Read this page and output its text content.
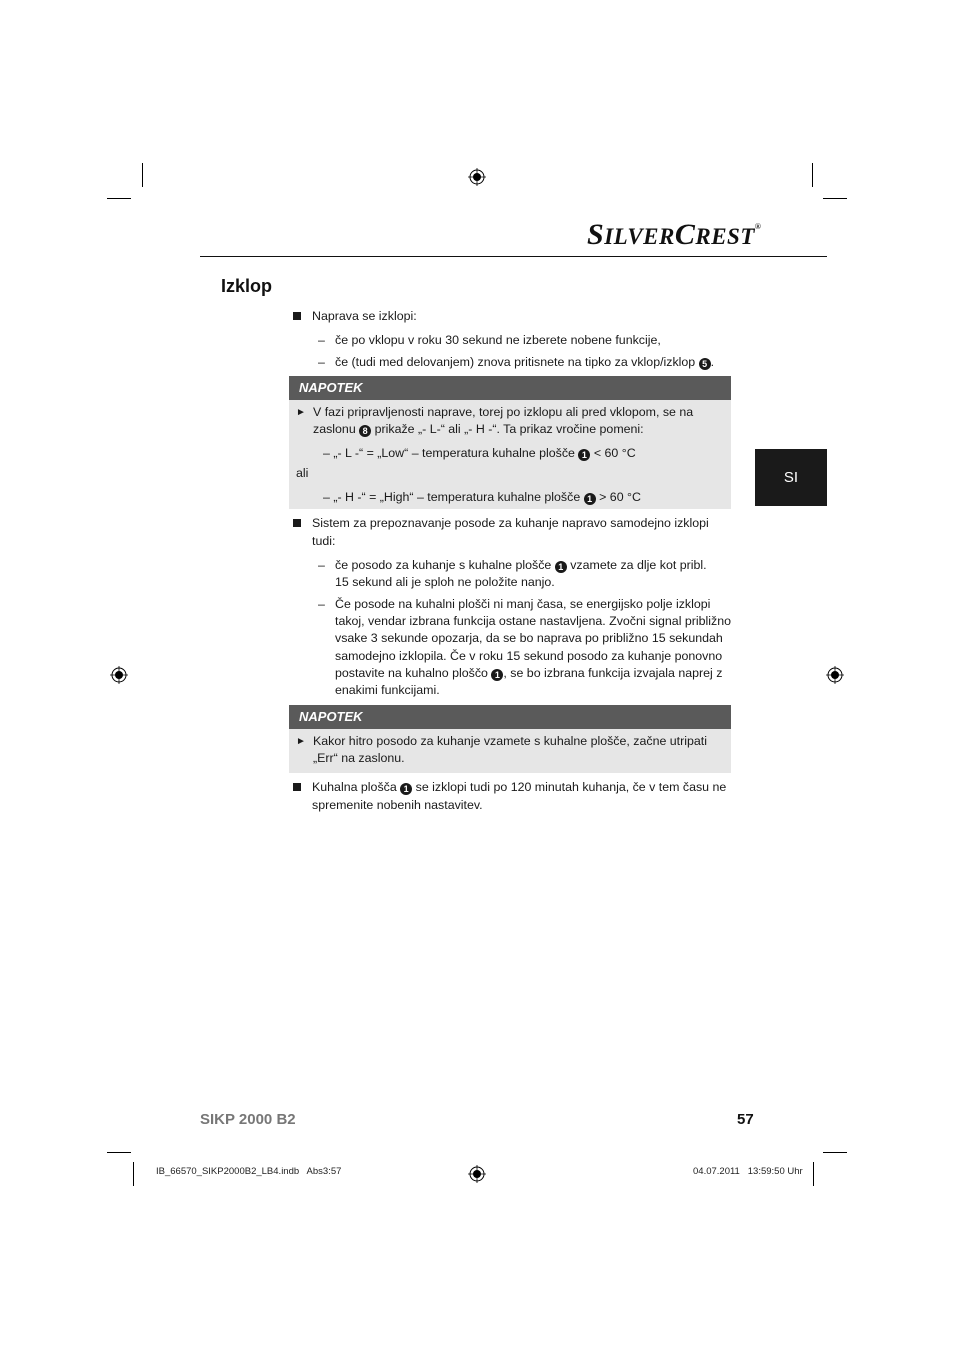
SILVERCREST®
Izklop
SI
Naprava se izklopi:
– če po vklopu v roku 30 sekund ne izberete nobene funkcije,
– če (tudi med delovanjem) znova pritisnete na tipko za vklop/izklop 5 .
NAPOTEK
► V fazi pripravljenosti naprave, torej po izklopu ali pred vklopom, se na
zaslonu 8 prikaže „- L-“ ali „- H -“. Ta prikaz vročine pomeni:
– „- L -“ = „Low“ – temperatura kuhalne plošče 1 < 60 °C
ali
– „- H -“ = „High“ – temperatura kuhalne plošče 1 > 60 °C
Sistem za prepoznavanje posode za kuhanje napravo samodejno izklopi
tudi:
– če posodo za kuhanje s kuhalne plošče 1 vzamete za dlje kot pribl.
15 sekund ali je sploh ne položite nanjo.
– Če posode na kuhalni plošči ni manj časa, se energijsko polje izklopi
takoj, vendar izbrana funkcija ostane nastavljena. Zvočni signal približno
vsake 3 sekunde opozarja, da se bo naprava po približno 15 sekundah
samodejno izklopila. Če v roku 15 sekund posodo za kuhanje ponovno
postavite na kuhalno ploščo 1 , se bo izbrana funkcija izvajala naprej z
enakimi funkcijami.
NAPOTEK
► Kakor hitro posodo za kuhanje vzamete s kuhalne plošče, začne utripati
„Err“ na zaslonu.
Kuhalna plošča 1 se izklopi tudi po 120 minutah kuhanja, če v tem času ne
spremenite nobenih nastavitev.
SIKP 2000 B2	57
IB_66570_SIKP2000B2_LB4.indb   Abs3:57	04.07.2011   13:59:50 Uhr
